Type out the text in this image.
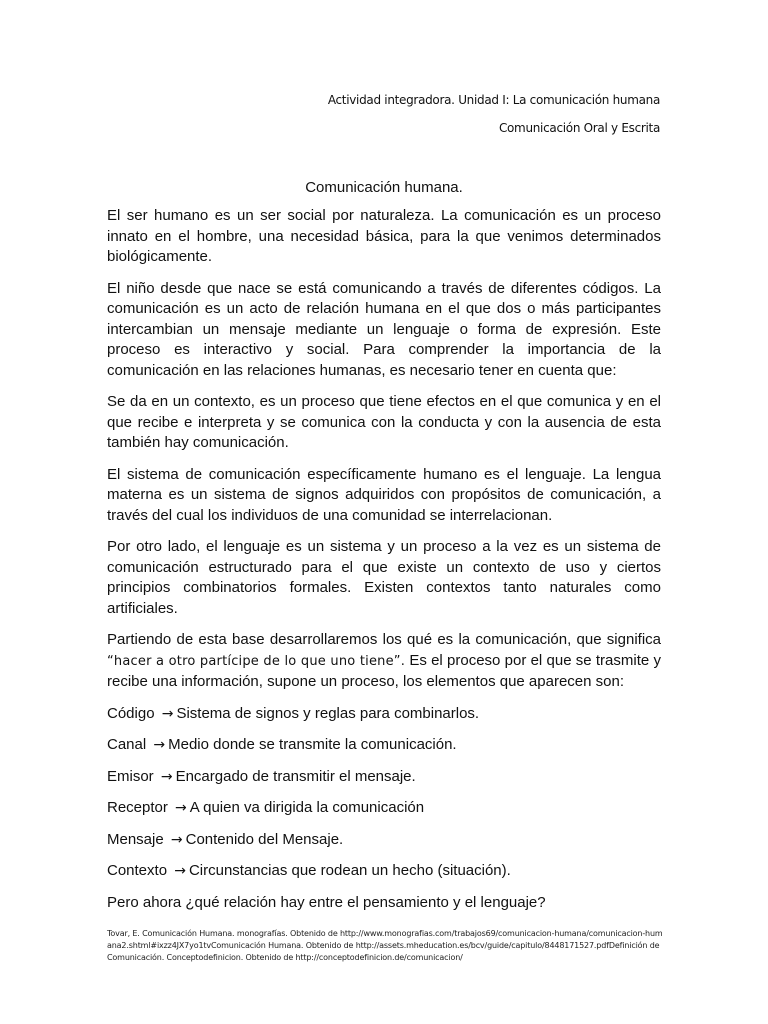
Actividad integradora. Unidad I: La comunicación humana

Comunicación Oral y Escrita

Comunicación humana.

El ser humano es un ser social por naturaleza. La comunicación es un proceso innato en el hombre, una necesidad básica, para la que venimos determinados biológicamente.

El niño desde que nace se está comunicando a través de diferentes códigos. La comunicación es un acto de relación humana en el que dos o más participantes intercambian un mensaje mediante un lenguaje o forma de expresión. Este proceso es interactivo y social. Para comprender la importancia de la comunicación en las relaciones humanas, es necesario tener en cuenta que:

Se da en un contexto, es un proceso que tiene efectos en el que comunica y en el que recibe e interpreta y se comunica con la conducta y con la ausencia de esta también hay comunicación.

El sistema de comunicación específicamente humano es el lenguaje. La lengua materna es un sistema de signos adquiridos con propósitos de comunicación, a través del cual los individuos de una comunidad se interrelacionan.

Por otro lado, el lenguaje es un sistema y un proceso a la vez es un sistema de comunicación estructurado para el que existe un contexto de uso y ciertos principios combinatorios formales. Existen contextos tanto naturales como artificiales.

Partiendo de esta base desarrollaremos los qué es la comunicación, que significa “hacer a otro partícipe de lo que uno tiene”. Es el proceso por el que se trasmite y recibe una información, supone un proceso, los elementos que aparecen son:

Código → Sistema de signos y reglas para combinarlos.

Canal → Medio donde se transmite la comunicación.

Emisor → Encargado de transmitir el mensaje.

Receptor → A quien va dirigida la comunicación

Mensaje → Contenido del Mensaje.

Contexto → Circunstancias que rodean un hecho (situación).

Pero ahora ¿qué relación hay entre el pensamiento y el lenguaje?

Tovar, E. Comunicación Humana. monografías. Obtenido de http://www.monografias.com/trabajos69/comunicacion-humana/comunicacion-humana2.shtml#ixzz4JX7yo1tvComunicación Humana. Obtenido de http://assets.mheducation.es/bcv/guide/capitulo/8448171527.pdfDefinición de Comunicación. Conceptodefinicion. Obtenido de http://conceptodefinicion.de/comunicacion/
